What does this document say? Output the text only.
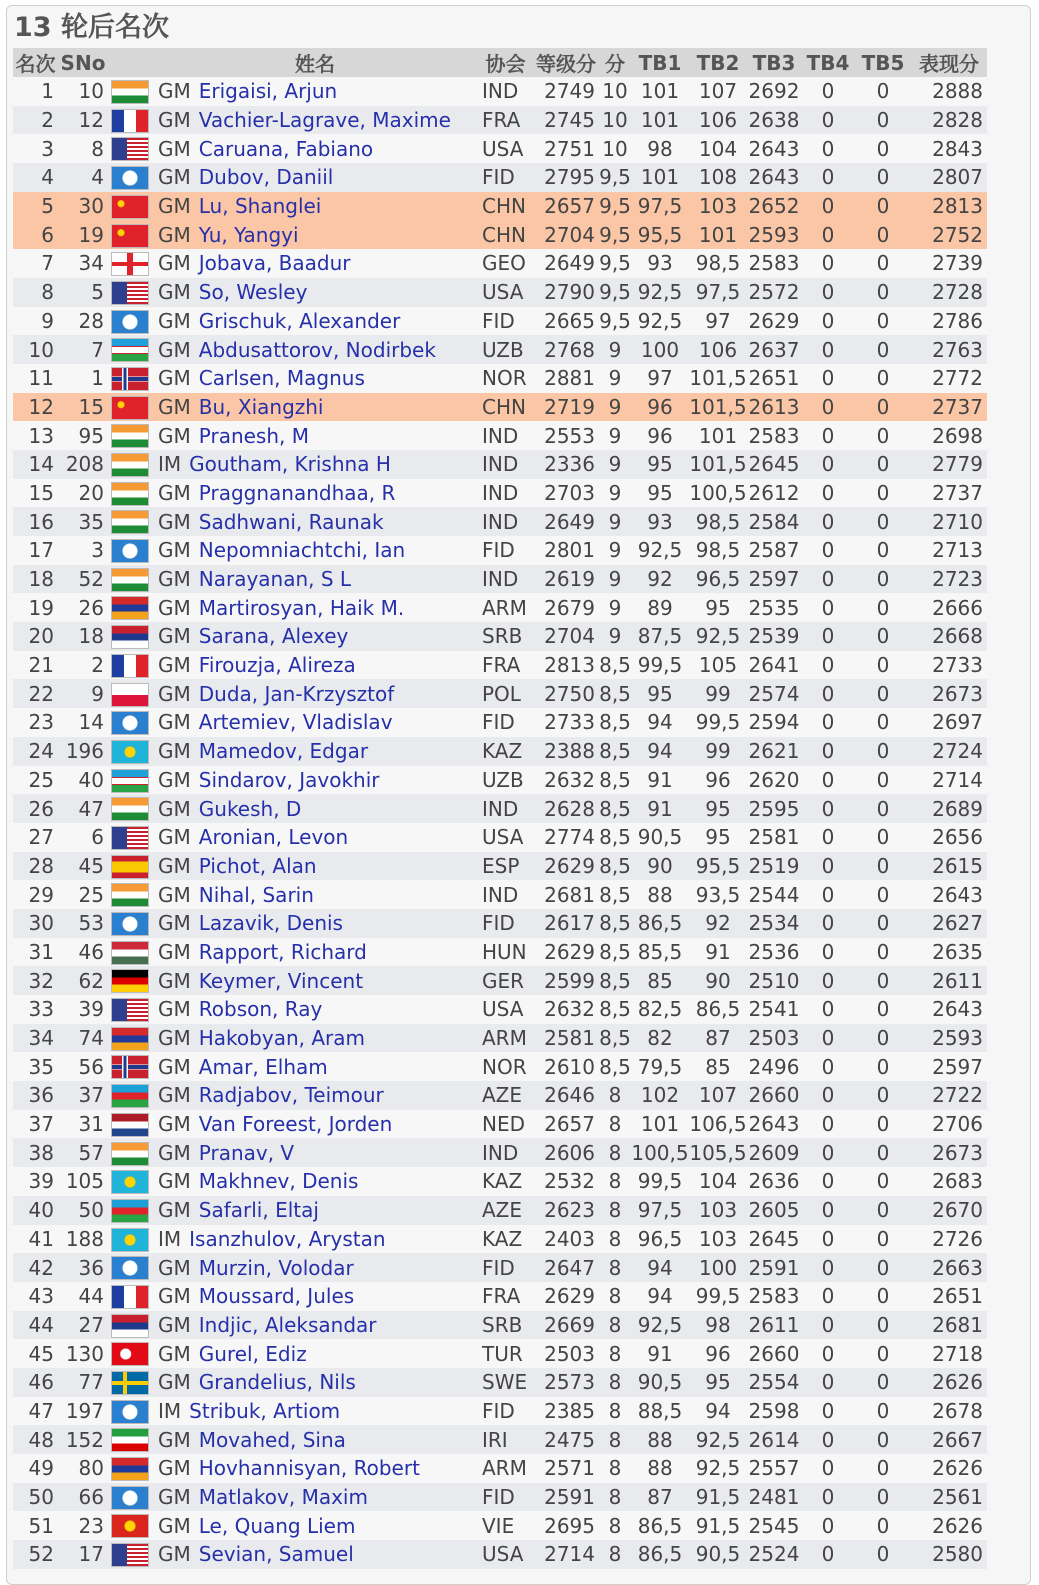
13 轮后名次
名次	SNo		姓名	协会	等级分	分	TB1	TB2	TB3	TB4	TB5	表现分
1	10		GM Erigaisi, Arjun	IND	2749	10	101	107	2692	0	0	2888
2	12		GM Vachier-Lagrave, Maxime	FRA	2745	10	101	106	2638	0	0	2828
3	8		GM Caruana, Fabiano	USA	2751	10	98	104	2643	0	0	2843
4	4		GM Dubov, Daniil	FID	2795	9,5	101	108	2643	0	0	2807
5	30		GM Lu, Shanglei	CHN	2657	9,5	97,5	103	2652	0	0	2813
6	19		GM Yu, Yangyi	CHN	2704	9,5	95,5	101	2593	0	0	2752
7	34		GM Jobava, Baadur	GEO	2649	9,5	93	98,5	2583	0	0	2739
8	5		GM So, Wesley	USA	2790	9,5	92,5	97,5	2572	0	0	2728
9	28		GM Grischuk, Alexander	FID	2665	9,5	92,5	97	2629	0	0	2786
10	7		GM Abdusattorov, Nodirbek	UZB	2768	9	100	106	2637	0	0	2763
11	1		GM Carlsen, Magnus	NOR	2881	9	97	101,5	2651	0	0	2772
12	15		GM Bu, Xiangzhi	CHN	2719	9	96	101,5	2613	0	0	2737
13	95		GM Pranesh, M	IND	2553	9	96	101	2583	0	0	2698
14	208		IM Goutham, Krishna H	IND	2336	9	95	101,5	2645	0	0	2779
15	20		GM Praggnanandhaa, R	IND	2703	9	95	100,5	2612	0	0	2737
16	35		GM Sadhwani, Raunak	IND	2649	9	93	98,5	2584	0	0	2710
17	3		GM Nepomniachtchi, Ian	FID	2801	9	92,5	98,5	2587	0	0	2713
18	52		GM Narayanan, S L	IND	2619	9	92	96,5	2597	0	0	2723
19	26		GM Martirosyan, Haik M.	ARM	2679	9	89	95	2535	0	0	2666
20	18		GM Sarana, Alexey	SRB	2704	9	87,5	92,5	2539	0	0	2668
21	2		GM Firouzja, Alireza	FRA	2813	8,5	99,5	105	2641	0	0	2733
22	9		GM Duda, Jan-Krzysztof	POL	2750	8,5	95	99	2574	0	0	2673
23	14		GM Artemiev, Vladislav	FID	2733	8,5	94	99,5	2594	0	0	2697
24	196		GM Mamedov, Edgar	KAZ	2388	8,5	94	99	2621	0	0	2724
25	40		GM Sindarov, Javokhir	UZB	2632	8,5	91	96	2620	0	0	2714
26	47		GM Gukesh, D	IND	2628	8,5	91	95	2595	0	0	2689
27	6		GM Aronian, Levon	USA	2774	8,5	90,5	95	2581	0	0	2656
28	45		GM Pichot, Alan	ESP	2629	8,5	90	95,5	2519	0	0	2615
29	25		GM Nihal, Sarin	IND	2681	8,5	88	93,5	2544	0	0	2643
30	53		GM Lazavik, Denis	FID	2617	8,5	86,5	92	2534	0	0	2627
31	46		GM Rapport, Richard	HUN	2629	8,5	85,5	91	2536	0	0	2635
32	62		GM Keymer, Vincent	GER	2599	8,5	85	90	2510	0	0	2611
33	39		GM Robson, Ray	USA	2632	8,5	82,5	86,5	2541	0	0	2643
34	74		GM Hakobyan, Aram	ARM	2581	8,5	82	87	2503	0	0	2593
35	56		GM Amar, Elham	NOR	2610	8,5	79,5	85	2496	0	0	2597
36	37		GM Radjabov, Teimour	AZE	2646	8	102	107	2660	0	0	2722
37	31		GM Van Foreest, Jorden	NED	2657	8	101	106,5	2643	0	0	2706
38	57		GM Pranav, V	IND	2606	8	100,5	105,5	2609	0	0	2673
39	105		GM Makhnev, Denis	KAZ	2532	8	99,5	104	2636	0	0	2683
40	50		GM Safarli, Eltaj	AZE	2623	8	97,5	103	2605	0	0	2670
41	188		IM Isanzhulov, Arystan	KAZ	2403	8	96,5	103	2645	0	0	2726
42	36		GM Murzin, Volodar	FID	2647	8	94	100	2591	0	0	2663
43	44		GM Moussard, Jules	FRA	2629	8	94	99,5	2583	0	0	2651
44	27		GM Indjic, Aleksandar	SRB	2669	8	92,5	98	2611	0	0	2681
45	130		GM Gurel, Ediz	TUR	2503	8	91	96	2660	0	0	2718
46	77		GM Grandelius, Nils	SWE	2573	8	90,5	95	2554	0	0	2626
47	197		IM Stribuk, Artiom	FID	2385	8	88,5	94	2598	0	0	2678
48	152		GM Movahed, Sina	IRI	2475	8	88	92,5	2614	0	0	2667
49	80		GM Hovhannisyan, Robert	ARM	2571	8	88	92,5	2557	0	0	2626
50	66		GM Matlakov, Maxim	FID	2591	8	87	91,5	2481	0	0	2561
51	23		GM Le, Quang Liem	VIE	2695	8	86,5	91,5	2545	0	0	2626
52	17		GM Sevian, Samuel	USA	2714	8	86,5	90,5	2524	0	0	2580
